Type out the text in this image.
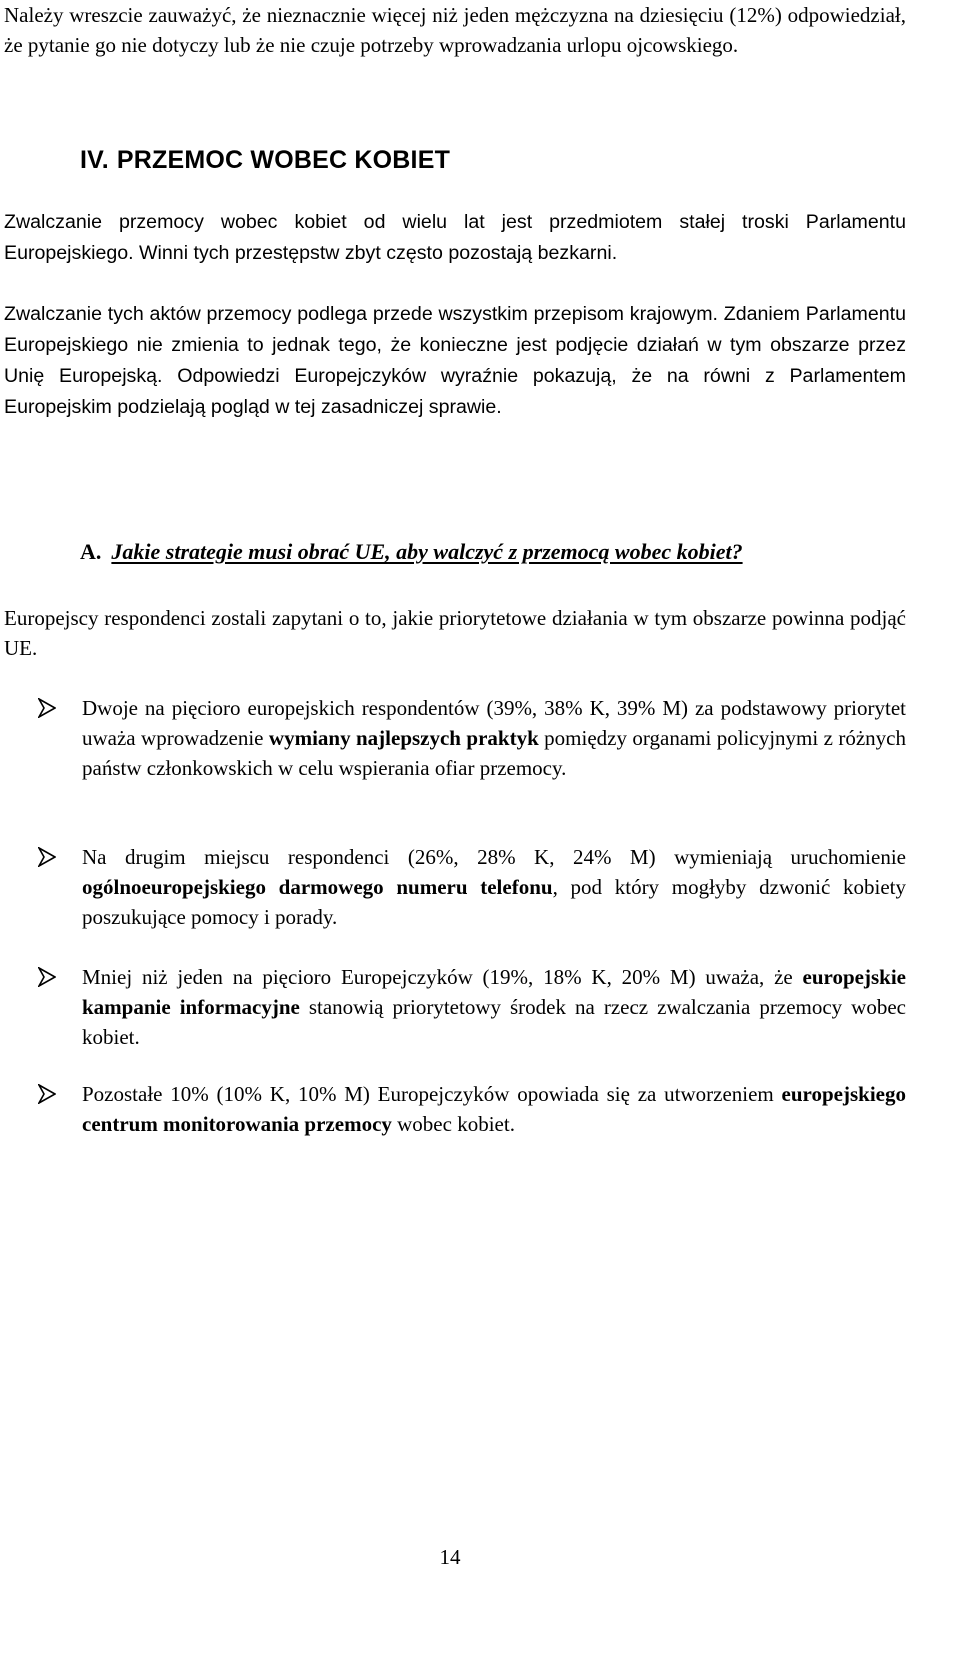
Należy wreszcie zauważyć, że nieznacznie więcej niż jeden mężczyzna na dziesięciu (12%) odpowiedział, że pytanie go nie dotyczy lub że nie czuje potrzeby wprowadzania urlopu ojcowskiego.

IV. PRZEMOC WOBEC KOBIET

Zwalczanie przemocy wobec kobiet od wielu lat jest przedmiotem stałej troski Parlamentu Europejskiego. Winni tych przestępstw zbyt często pozostają bezkarni.

Zwalczanie tych aktów przemocy podlega przede wszystkim przepisom krajowym. Zdaniem Parlamentu Europejskiego nie zmienia to jednak tego, że konieczne jest podjęcie działań w tym obszarze przez Unię Europejską. Odpowiedzi Europejczyków wyraźnie pokazują, że na równi z Parlamentem Europejskim podzielają pogląd w tej zasadniczej sprawie.

A. Jakie strategie musi obrać UE, aby walczyć z przemocą wobec kobiet?

Europejscy respondenci zostali zapytani o to, jakie priorytetowe działania w tym obszarze powinna podjąć UE.

Dwoje na pięcioro europejskich respondentów (39%, 38% K, 39% M) za podstawowy priorytet uważa wprowadzenie wymiany najlepszych praktyk pomiędzy organami policyjnymi z różnych państw członkowskich w celu wspierania ofiar przemocy.

Na drugim miejscu respondenci (26%, 28% K, 24% M) wymieniają uruchomienie ogólnoeuropejskiego darmowego numeru telefonu, pod który mogłyby dzwonić kobiety poszukujące pomocy i porady.

Mniej niż jeden na pięcioro Europejczyków (19%, 18% K, 20% M) uważa, że europejskie kampanie informacyjne stanowią priorytetowy środek na rzecz zwalczania przemocy wobec kobiet.

Pozostałe 10% (10% K, 10% M) Europejczyków opowiada się za utworzeniem europejskiego centrum monitorowania przemocy wobec kobiet.

14
